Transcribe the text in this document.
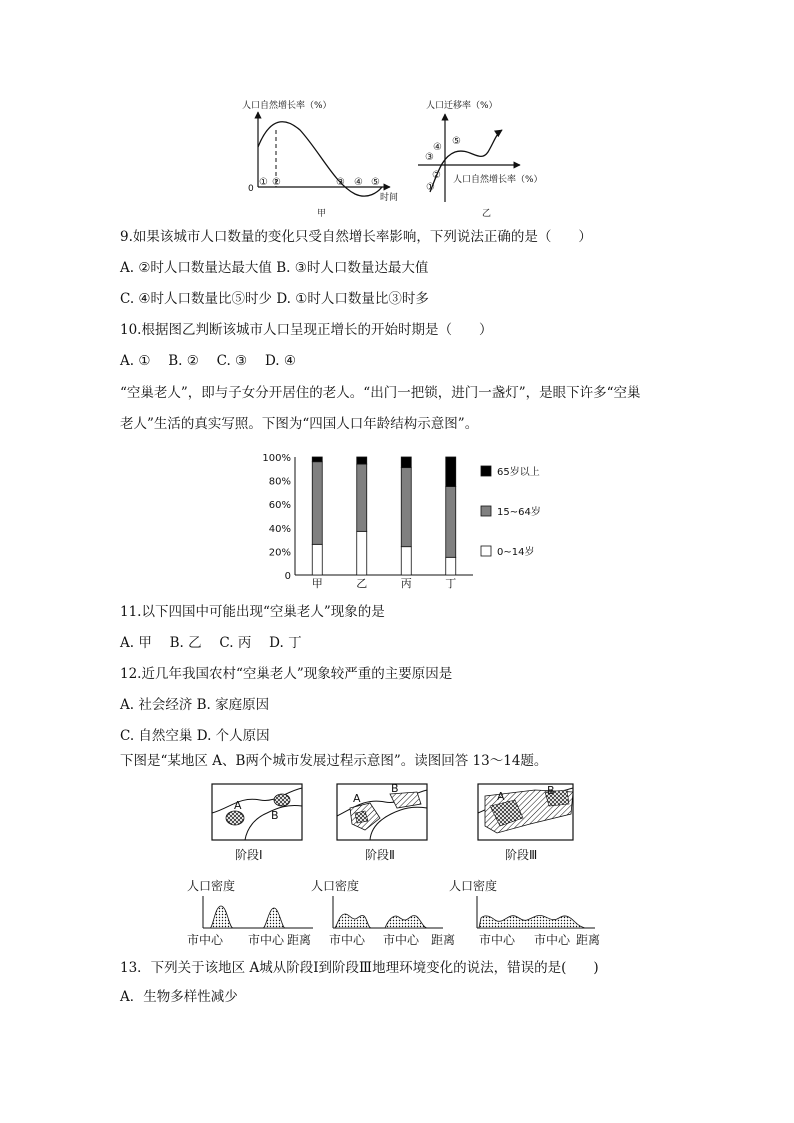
人口自然增长率（%）
0
① ②	③ ④ ⑤
时间
甲
人口迁移率（%）
①
②
③
④
⑤
人口自然增长率（%）
乙
9.如果该城市人口数量的变化只受自然增长率影响，下列说法正确的是（　　）
A. ②时人口数量达最大值 B. ③时人口数量达最大值
C. ④时人口数量比⑤时少 D. ①时人口数量比③时多
10.根据图乙判断该城市人口呈现正增长的开始时期是（　　）
A. ①　 B. ②　 C. ③　 D. ④
“空巢老人”，即与子女分开居住的老人。“出门一把锁，进门一盏灯”，是眼下许多“空巢
老人”生活的真实写照。下图为“四国人口年龄结构示意图”。
0
20%
40%
60%
80%
100%
甲	乙	丙	丁
65岁以上
15~64岁
0~14岁
11.以下四国中可能出现“空巢老人”现象的是
A. 甲　 B. 乙　 C. 丙　 D. 丁
12.近几年我国农村“空巢老人”现象较严重的主要原因是
A. 社会经济 B. 家庭原因
C. 自然空巢 D. 个人原因
下图是“某地区 A、B两个城市发展过程示意图”。读图回答 13～14题。
A
B
阶段Ⅰ
A
B
阶段Ⅱ
A	B
阶段Ⅲ
人口密度
市中心 市中心 距离
人口密度
市中心 市中心 距离
人口密度
市中心 市中心 距离
13．下列关于该地区 A城从阶段Ⅰ到阶段Ⅲ地理环境变化的说法，错误的是(　　)
A．生物多样性减少
